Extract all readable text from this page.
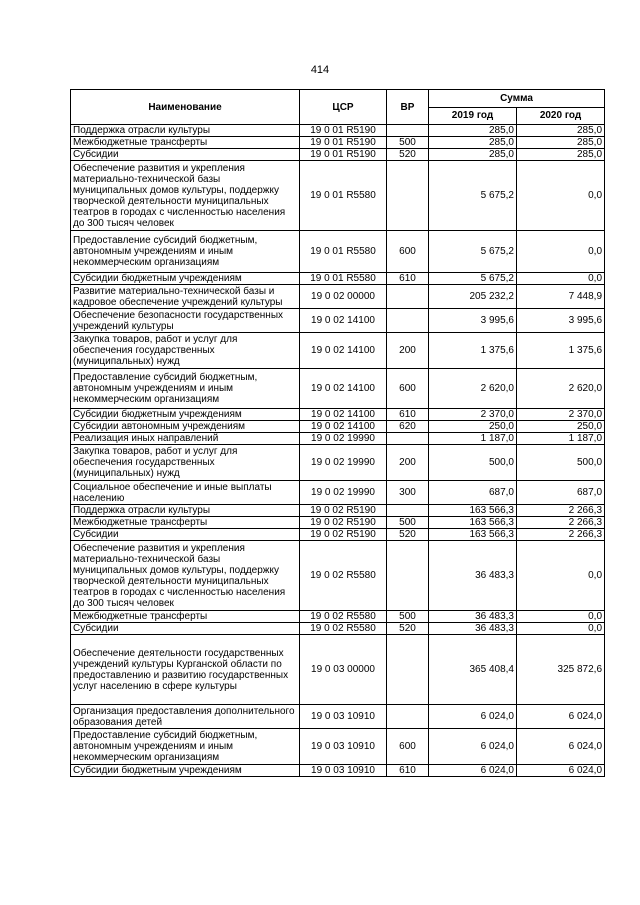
414
Наименование	ЦСР	ВР	Сумма	
			2019 год	2020 год
Поддержка отрасли культуры	19 0 01 R5190		285,0	285,0
Межбюджетные трансферты	19 0 01 R5190	500	285,0	285,0
Субсидии	19 0 01 R5190	520	285,0	285,0
Обеспечение развития и укрепления материально-технической базы муниципальных домов культуры, поддержку творческой деятельности муниципальных театров в городах с численностью населения до 300 тысяч человек	19 0 01 R5580		5 675,2	0,0
Предоставление субсидий бюджетным, автономным учреждениям и иным некоммерческим организациям	19 0 01 R5580	600	5 675,2	0,0
Субсидии бюджетным учреждениям	19 0 01 R5580	610	5 675,2	0,0
Развитие материально-технической базы и кадровое обеспечение учреждений культуры	19 0 02 00000		205 232,2	7 448,9
Обеспечение безопасности государственных учреждений культуры	19 0 02 14100		3 995,6	3 995,6
Закупка товаров, работ и услуг для обеспечения государственных (муниципальных) нужд	19 0 02 14100	200	1 375,6	1 375,6
Предоставление субсидий бюджетным, автономным учреждениям и иным некоммерческим организациям	19 0 02 14100	600	2 620,0	2 620,0
Субсидии бюджетным учреждениям	19 0 02 14100	610	2 370,0	2 370,0
Субсидии автономным учреждениям	19 0 02 14100	620	250,0	250,0
Реализация иных направлений	19 0 02 19990		1 187,0	1 187,0
Закупка товаров, работ и услуг для обеспечения государственных (муниципальных) нужд	19 0 02 19990	200	500,0	500,0
Социальное обеспечение и иные выплаты населению	19 0 02 19990	300	687,0	687,0
Поддержка отрасли культуры	19 0 02 R5190		163 566,3	2 266,3
Межбюджетные трансферты	19 0 02 R5190	500	163 566,3	2 266,3
Субсидии	19 0 02 R5190	520	163 566,3	2 266,3
Обеспечение развития и укрепления материально-технической базы муниципальных домов культуры, поддержку творческой деятельности муниципальных театров в городах с численностью населения до 300 тысяч человек	19 0 02 R5580		36 483,3	0,0
Межбюджетные трансферты	19 0 02 R5580	500	36 483,3	0,0
Субсидии	19 0 02 R5580	520	36 483,3	0,0
Обеспечение деятельности государственных учреждений культуры Курганской области по предоставлению и развитию государственных услуг населению в сфере культуры	19 0 03 00000		365 408,4	325 872,6
Организация предоставления дополнительного образования детей	19 0 03 10910		6 024,0	6 024,0
Предоставление субсидий бюджетным, автономным учреждениям и иным некоммерческим организациям	19 0 03 10910	600	6 024,0	6 024,0
Субсидии бюджетным учреждениям	19 0 03 10910	610	6 024,0	6 024,0
